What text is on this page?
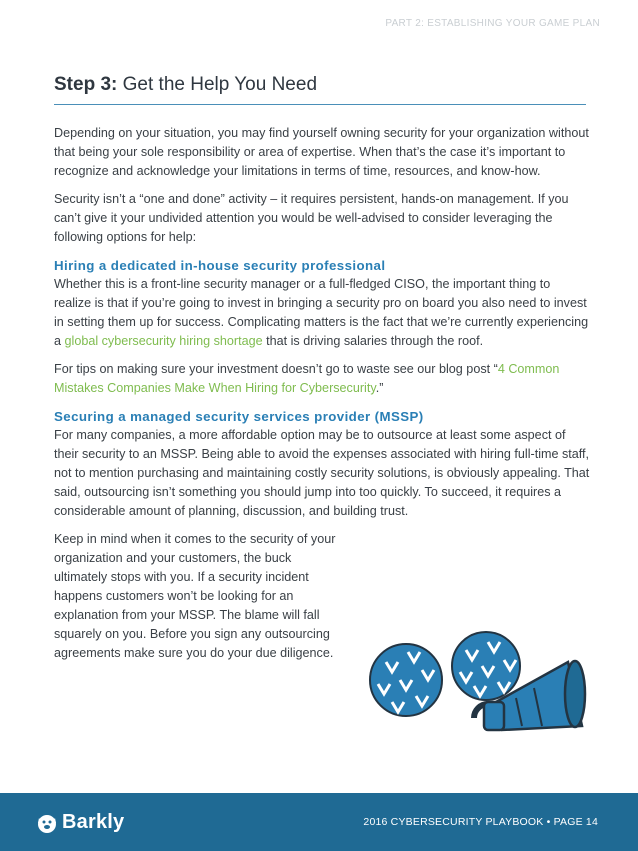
PART 2: ESTABLISHING YOUR GAME PLAN
Step 3: Get the Help You Need

Depending on your situation, you may find yourself owning security for your organization without that being your sole responsibility or area of expertise. When that’s the case it’s important to recognize and acknowledge your limitations in terms of time, resources, and know-how.

Security isn’t a “one and done” activity – it requires persistent, hands-on management. If you can’t give it your undivided attention you would be well-advised to consider leveraging the following options for help:

Hiring a dedicated in-house security professional

Whether this is a front-line security manager or a full-fledged CISO, the important thing to realize is that if you’re going to invest in bringing a security pro on board you also need to invest in setting them up for success. Complicating matters is the fact that we’re currently experiencing a global cybersecurity hiring shortage that is driving salaries through the roof.

For tips on making sure your investment doesn’t go to waste see our blog post “4 Common Mistakes Companies Make When Hiring for Cybersecurity.”

Securing a managed security services provider (MSSP)

For many companies, a more affordable option may be to outsource at least some aspect of their security to an MSSP. Being able to avoid the expenses associated with hiring full-time staff, not to mention purchasing and maintaining costly security solutions, is obviously appealing. That said, outsourcing isn’t something you should jump into too quickly. To succeed, it requires a considerable amount of planning, discussion, and building trust.

Keep in mind when it comes to the security of your organization and your customers, the buck ultimately stops with you. If a security incident happens customers won’t be looking for an explanation from your MSSP. The blame will fall squarely on you. Before you sign any outsourcing agreements make sure you do your due diligence.

Barkly	2016 CYBERSECURITY PLAYBOOK • PAGE 14
